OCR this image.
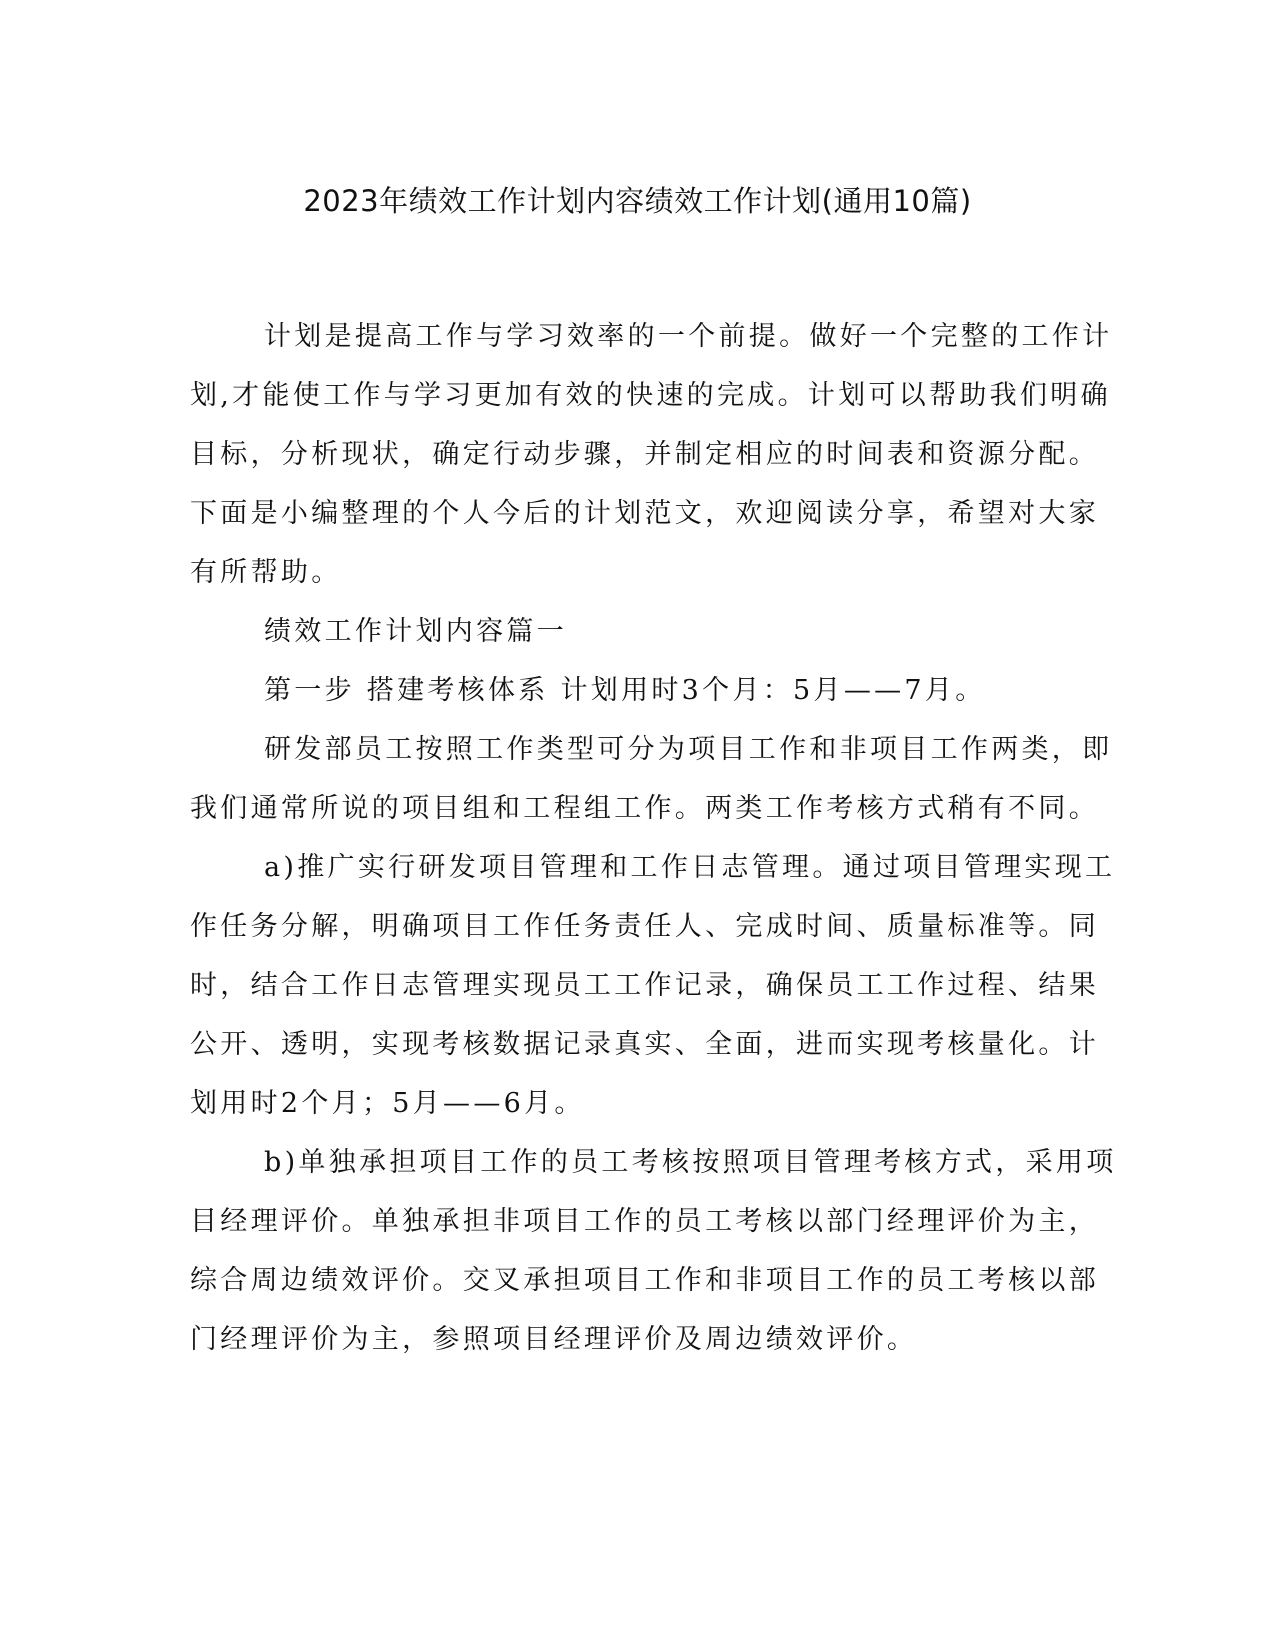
2023年绩效工作计划内容绩效工作计划(通用10篇)

计划是提高工作与学习效率的一个前提。做好一个完整的工作计

划,才能使工作与学习更加有效的快速的完成。计划可以帮助我们明确

目标，分析现状，确定行动步骤，并制定相应的时间表和资源分配。

下面是小编整理的个人今后的计划范文，欢迎阅读分享，希望对大家

有所帮助。

绩效工作计划内容篇一

第一步 搭建考核体系 计划用时3个月：5月——7月。

研发部员工按照工作类型可分为项目工作和非项目工作两类，即

我们通常所说的项目组和工程组工作。两类工作考核方式稍有不同。

a)推广实行研发项目管理和工作日志管理。通过项目管理实现工

作任务分解，明确项目工作任务责任人、完成时间、质量标准等。同

时，结合工作日志管理实现员工工作记录，确保员工工作过程、结果

公开、透明，实现考核数据记录真实、全面，进而实现考核量化。计

划用时2个月；5月——6月。

b)单独承担项目工作的员工考核按照项目管理考核方式，采用项

目经理评价。单独承担非项目工作的员工考核以部门经理评价为主，

综合周边绩效评价。交叉承担项目工作和非项目工作的员工考核以部

门经理评价为主，参照项目经理评价及周边绩效评价。
